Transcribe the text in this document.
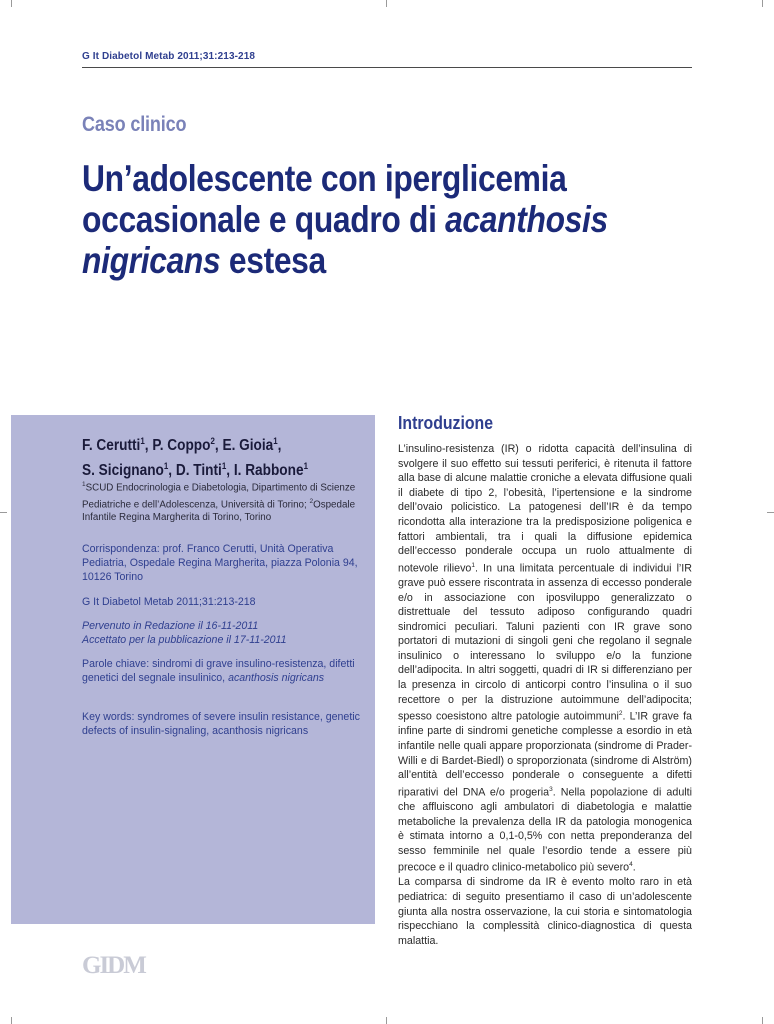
G It Diabetol Metab 2011;31:213-218
Caso clinico
Un’adolescente con iperglicemia
occasionale e quadro di acanthosis
nigricans estesa
F. Cerutti$^1$, P. Coppo$^2$, E. Gioia$^1$,
S. Sicignano$^1$, D. Tinti$^1$, I. Rabbone$^1$
$^1$SCUD Endocrinologia e Diabetologia, Dipartimento di Scienze Pediatriche e dell’Adolescenza, Università di Torino; $^2$Ospedale Infantile Regina Margherita di Torino, Torino
Corrispondenza: prof. Franco Cerutti, Unità Operativa Pediatria, Ospedale Regina Margherita, piazza Polonia 94, 10126 Torino
G It Diabetol Metab 2011;31:213-218
Pervenuto in Redazione il 16-11-2011
Accettato per la pubblicazione il 17-11-2011
Parole chiave: sindromi di grave insulino-resistenza, difetti genetici del segnale insulinico, acanthosis nigricans
Key words: syndromes of severe insulin resistance, genetic defects of insulin-signaling, acanthosis nigricans
Introduzione

L’insulino-resistenza (IR) o ridotta capacità dell’insulina di svolgere il suo effetto sui tessuti periferici, è ritenuta il fattore alla base di alcune malattie croniche a elevata diffusione quali il diabete di tipo 2, l’obesità, l’ipertensione e la sindrome dell’ovaio policistico. La patogenesi dell’IR è da tempo ricondotta alla interazione tra la predisposizione poligenica e fattori ambientali, tra i quali la diffusione epidemica dell’eccesso ponderale occupa un ruolo attualmente di notevole rilievo$^1$. In una limitata percentuale di individui l’IR grave può essere riscontrata in assenza di eccesso ponderale e/o in associazione con iposviluppo generalizzato o distrettuale del tessuto adiposo configurando quadri sindromici peculiari. Taluni pazienti con IR grave sono portatori di mutazioni di singoli geni che regolano il segnale insulinico o interessano lo sviluppo e/o la funzione dell’adipocita. In altri soggetti, quadri di IR si differenziano per la presenza in circolo di anticorpi contro l’insulina o il suo recettore o per la distruzione autoimmune dell’adipocita; spesso coesistono altre patologie autoimmuni$^2$. L’IR grave fa infine parte di sindromi genetiche complesse a esordio in età infantile nelle quali appare proporzionata (sindrome di Prader-Willi e di Bardet-Biedl) o sproporzionata (sindrome di Alström) all’entità dell’eccesso ponderale o conseguente a difetti riparativi del DNA e/o progeria$^3$. Nella popolazione di adulti che affluiscono agli ambulatori di diabetologia e malattie metaboliche la prevalenza della IR da patologia monogenica è stimata intorno a 0,1-0,5% con netta preponderanza del sesso femminile nel quale l’esordio tende a essere più precoce e il quadro clinico-metabolico più severo$^4$.

La comparsa di sindrome da IR è evento molto raro in età pediatrica: di seguito presentiamo il caso di un’adolescente giunta alla nostra osservazione, la cui storia e sintomatologia rispecchiano la complessità clinico-diagnostica di questa malattia.

GIDM
